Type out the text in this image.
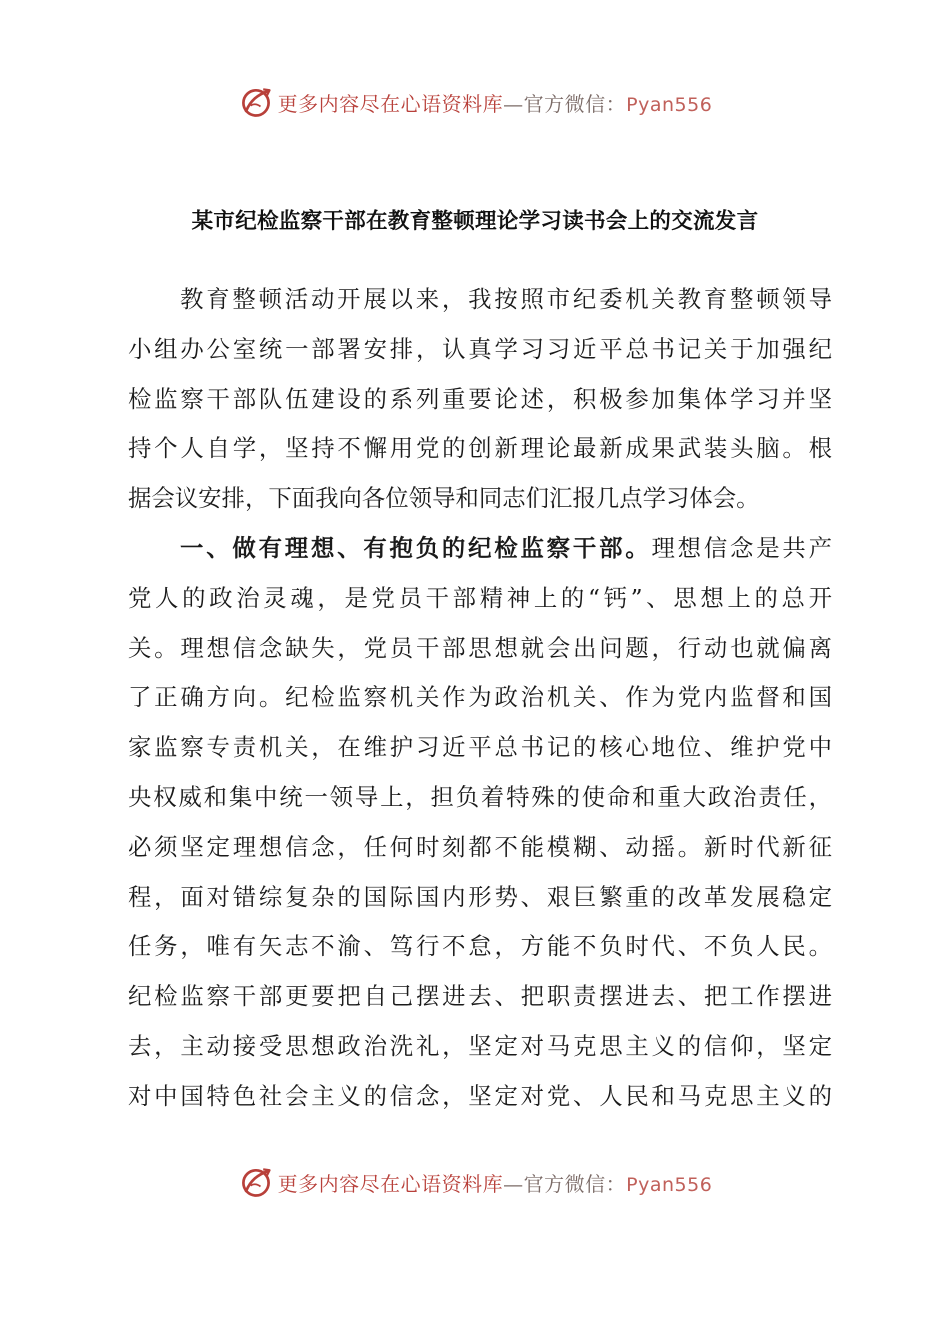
更多内容尽在心语资料库—官方微信：Pyan556
某市纪检监察干部在教育整顿理论学习读书会上的交流发言
教育整顿活动开展以来，我按照市纪委机关教育整顿领导
小组办公室统一部署安排，认真学习习近平总书记关于加强纪
检监察干部队伍建设的系列重要论述，积极参加集体学习并坚
持个人自学，坚持不懈用党的创新理论最新成果武装头脑。根
据会议安排，下面我向各位领导和同志们汇报几点学习体会。
一、做有理想、有抱负的纪检监察干部。理想信念是共产
党人的政治灵魂，是党员干部精神上的“钙”、思想上的总开
关。理想信念缺失，党员干部思想就会出问题，行动也就偏离
了正确方向。纪检监察机关作为政治机关、作为党内监督和国
家监察专责机关，在维护习近平总书记的核心地位、维护党中
央权威和集中统一领导上，担负着特殊的使命和重大政治责任，
必须坚定理想信念，任何时刻都不能模糊、动摇。新时代新征
程，面对错综复杂的国际国内形势、艰巨繁重的改革发展稳定
任务，唯有矢志不渝、笃行不怠，方能不负时代、不负人民。
纪检监察干部更要把自己摆进去、把职责摆进去、把工作摆进
去，主动接受思想政治洗礼，坚定对马克思主义的信仰，坚定
对中国特色社会主义的信念，坚定对党、人民和马克思主义的
更多内容尽在心语资料库—官方微信：Pyan556
